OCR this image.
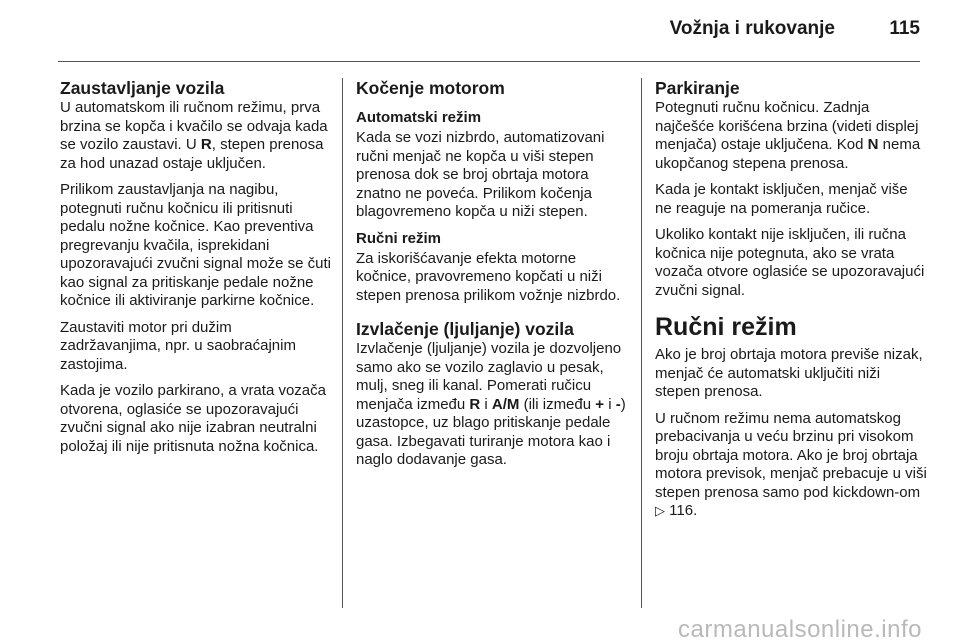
Vožnja i rukovanje	115
Zaustavljanje vozila

U automatskom ili ručnom režimu, prva brzina se kopča i kvačilo se odvaja kada se vozilo zaustavi. U R, stepen prenosa za hod unazad ostaje uključen.

Prilikom zaustavljanja na nagibu, potegnuti ručnu kočnicu ili pritisnuti pedalu nožne kočnice. Kao preventiva pregrevanju kvačila, isprekidani upozoravajući zvučni signal može se čuti kao signal za pritiskanje pedale nožne kočnice ili aktiviranje parkirne kočnice.

Zaustaviti motor pri dužim zadržavanjima, npr. u saobraćajnim zastojima.

Kada je vozilo parkirano, a vrata vozača otvorena, oglasiće se upozoravajući zvučni signal ako nije izabran neutralni položaj ili nije pritisnuta nožna kočnica.

Kočenje motorom
Automatski režim

Kada se vozi nizbrdo, automatizovani ručni menjač ne kopča u viši stepen prenosa dok se broj obrtaja motora znatno ne poveća. Prilikom kočenja blagovremeno kopča u niži stepen.

Ručni režim

Za iskorišćavanje efekta motorne kočnice, pravovremeno kopčati u niži stepen prenosa prilikom vožnje nizbrdo.

Izvlačenje (ljuljanje) vozila

Izvlačenje (ljuljanje) vozila je dozvoljeno samo ako se vozilo zaglavio u pesak, mulj, sneg ili kanal. Pomerati ručicu menjača između R i A/M (ili između + i -) uzastopce, uz blago pritiskanje pedale gasa. Izbegavati turiranje motora kao i naglo dodavanje gasa.

Parkiranje

Potegnuti ručnu kočnicu. Zadnja najčešće korišćena brzina (videti displej menjača) ostaje uključena. Kod N nema ukopčanog stepena prenosa.

Kada je kontakt isključen, menjač više ne reaguje na pomeranja ručice.

Ukoliko kontakt nije isključen, ili ručna kočnica nije potegnuta, ako se vrata vozača otvore oglasiće se upozoravajući zvučni signal.

Ručni režim

Ako je broj obrtaja motora previše nizak, menjač će automatski uključiti niži stepen prenosa.

U ručnom režimu nema automatskog prebacivanja u veću brzinu pri visokom broju obrtaja motora. Ako je broj obrtaja motora previsok, menjač prebacuje u viši stepen prenosa samo pod kickdown-om ▷ 116.

carmanualsonline.info
